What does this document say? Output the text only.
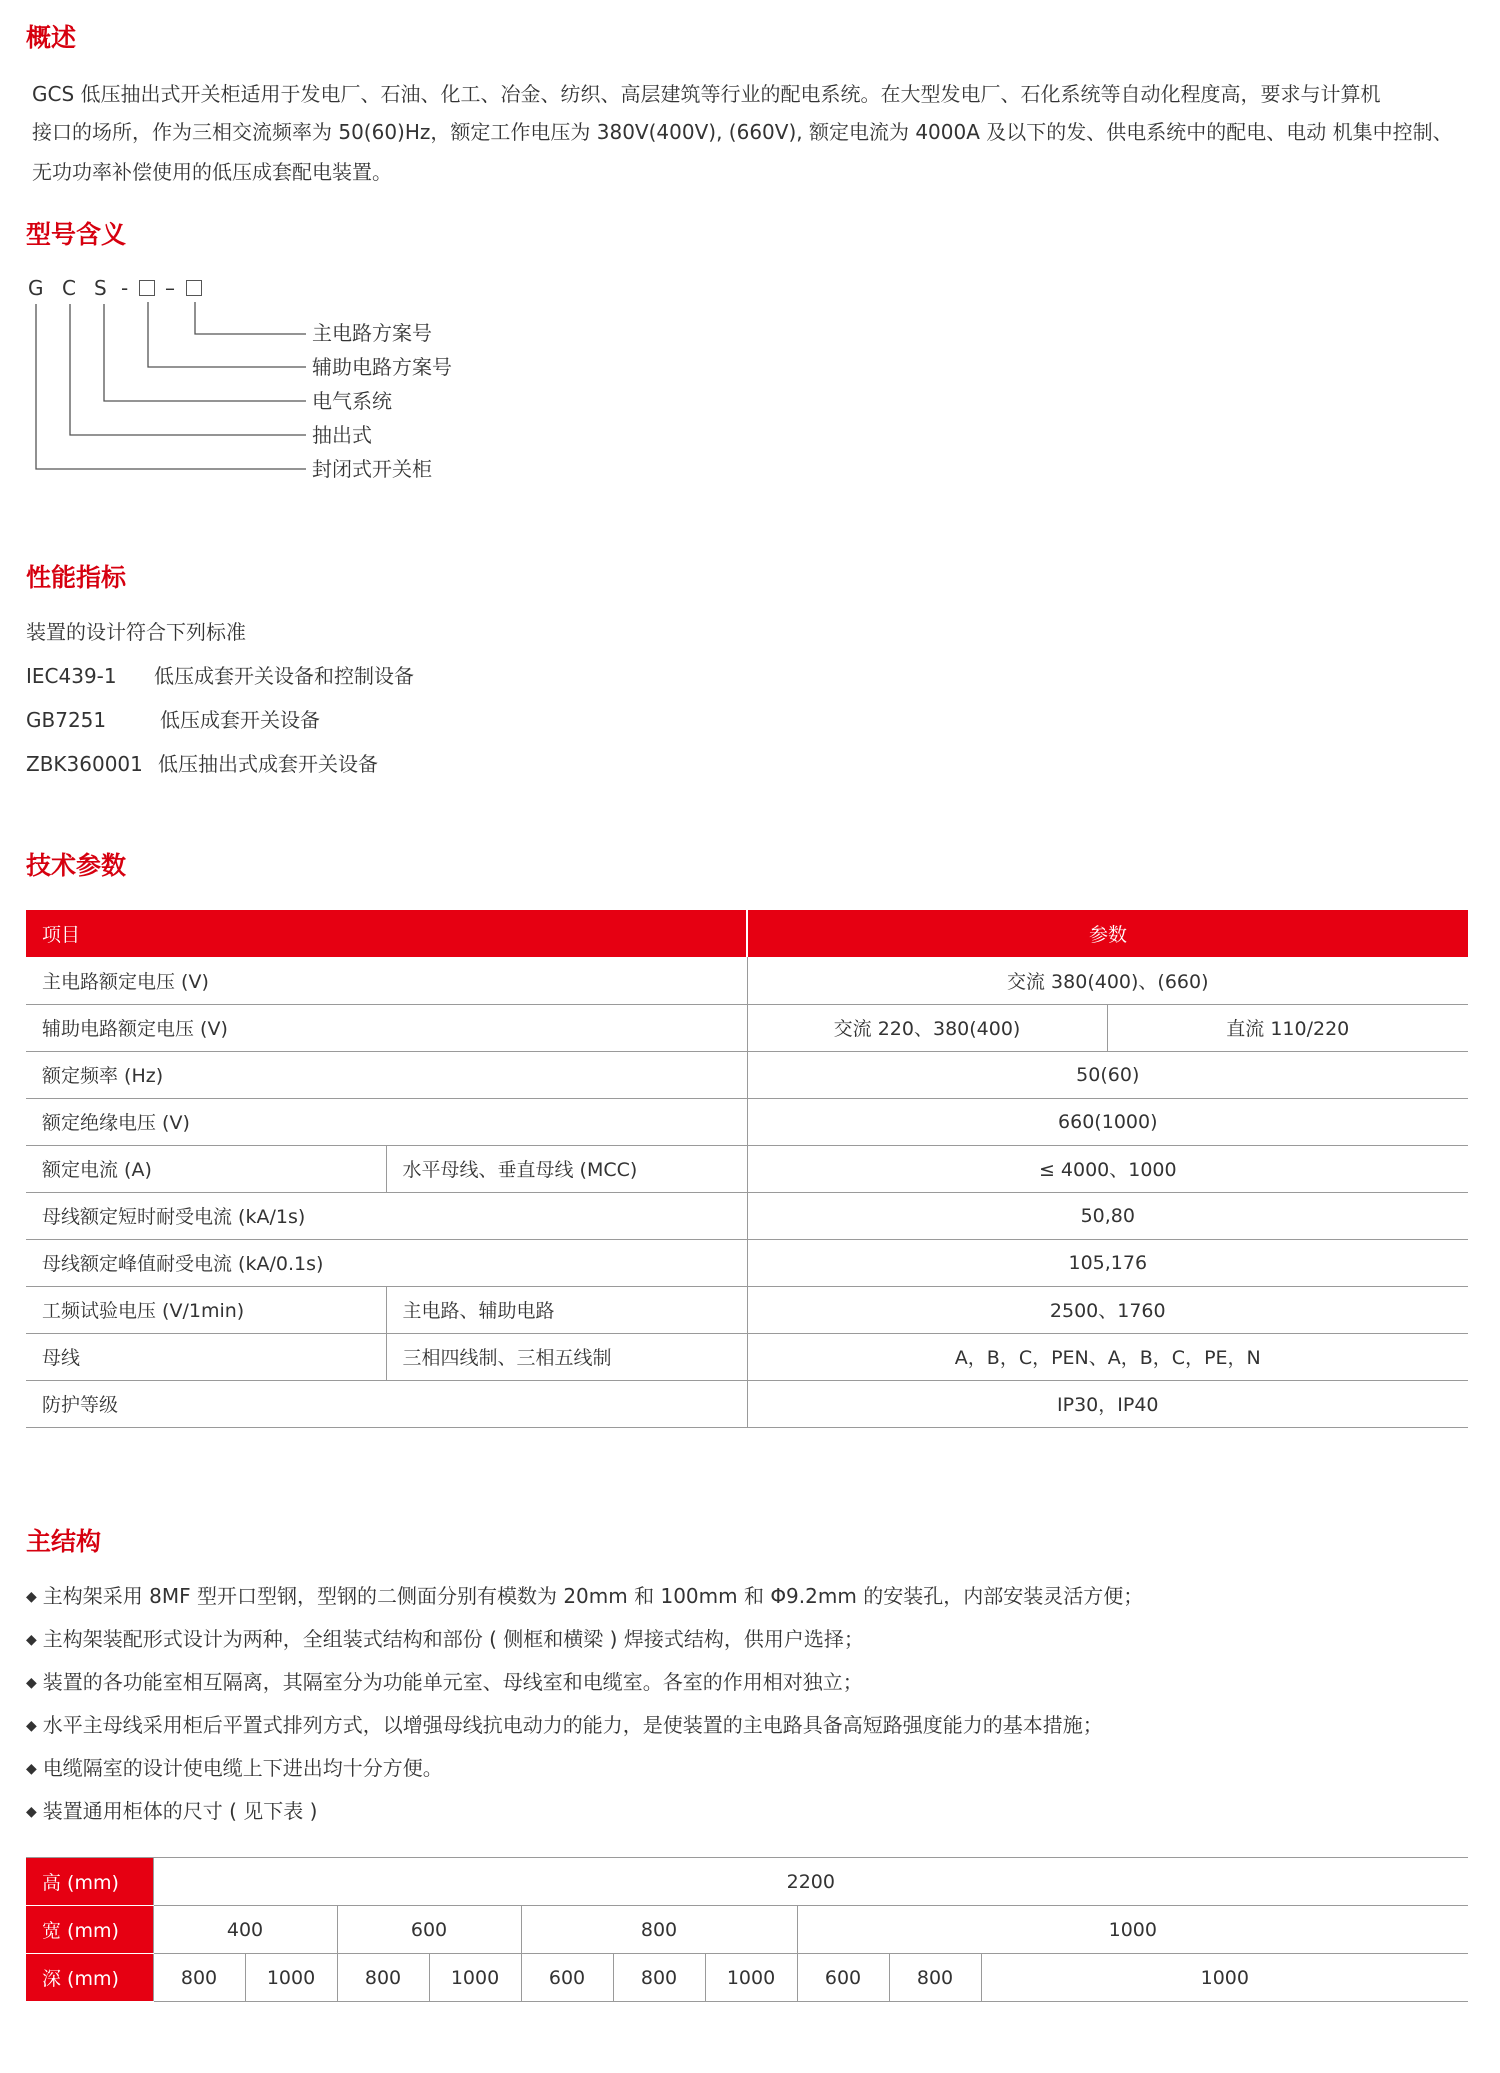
概述

GCS 低压抽出式开关柜适用于发电厂、石油、化工、冶金、纺织、高层建筑等行业的配电系统。在大型发电厂、石化系统等自动化程度高，要求与计算机

接口的场所，作为三相交流频率为 50(60)Hz，额定工作电压为 380V(400V), (660V), 额定电流为 4000A 及以下的发、供电系统中的配电、电动 机集中控制、

无功功率补偿使用的低压成套配电装置。

型号含义
G C S - –
主电路方案号
辅助电路方案号
电气系统
抽出式
封闭式开关柜
性能指标

装置的设计符合下列标准

IEC439-1 低压成套开关设备和控制设备
GB7251	低压成套开关设备
ZBK360001 低压抽出式成套开关设备
技术参数
项目		参数	
主电路额定电压 (V)		交流 380(400)、(660)	
辅助电路额定电压 (V)		交流 220、380(400)	直流 110/220
额定频率 (Hz)		50(60)	
额定绝缘电压 (V)		660(1000)	
额定电流 (A)	水平母线、垂直母线 (MCC)	≤ 4000、1000	
母线额定短时耐受电流 (kA/1s)		50,80	
母线额定峰值耐受电流 (kA/0.1s)		105,176	
工频试验电压 (V/1min)	主电路、辅助电路	2500、1760	
母线	三相四线制、三相五线制	A，B，C，PEN、A，B，C，PE，N	
防护等级		IP30，IP40	
主结构
◆ 主构架采用 8MF 型开口型钢，型钢的二侧面分别有模数为 20mm 和 100mm 和 Φ9.2mm 的安装孔，内部安装灵活方便；
◆ 主构架装配形式设计为两种，全组装式结构和部份 ( 侧框和横梁 ) 焊接式结构，供用户选择；
◆ 装置的各功能室相互隔离，其隔室分为功能单元室、母线室和电缆室。各室的作用相对独立；
◆ 水平主母线采用柜后平置式排列方式，以增强母线抗电动力的能力，是使装置的主电路具备高短路强度能力的基本措施；
◆ 电缆隔室的设计使电缆上下进出均十分方便。
◆ 装置通用柜体的尺寸 ( 见下表 )
高 (mm)	2200									
宽 (mm)	400		600		800			1000		
深 (mm)	800	1000	800	1000	600	800	1000	600	800	1000
